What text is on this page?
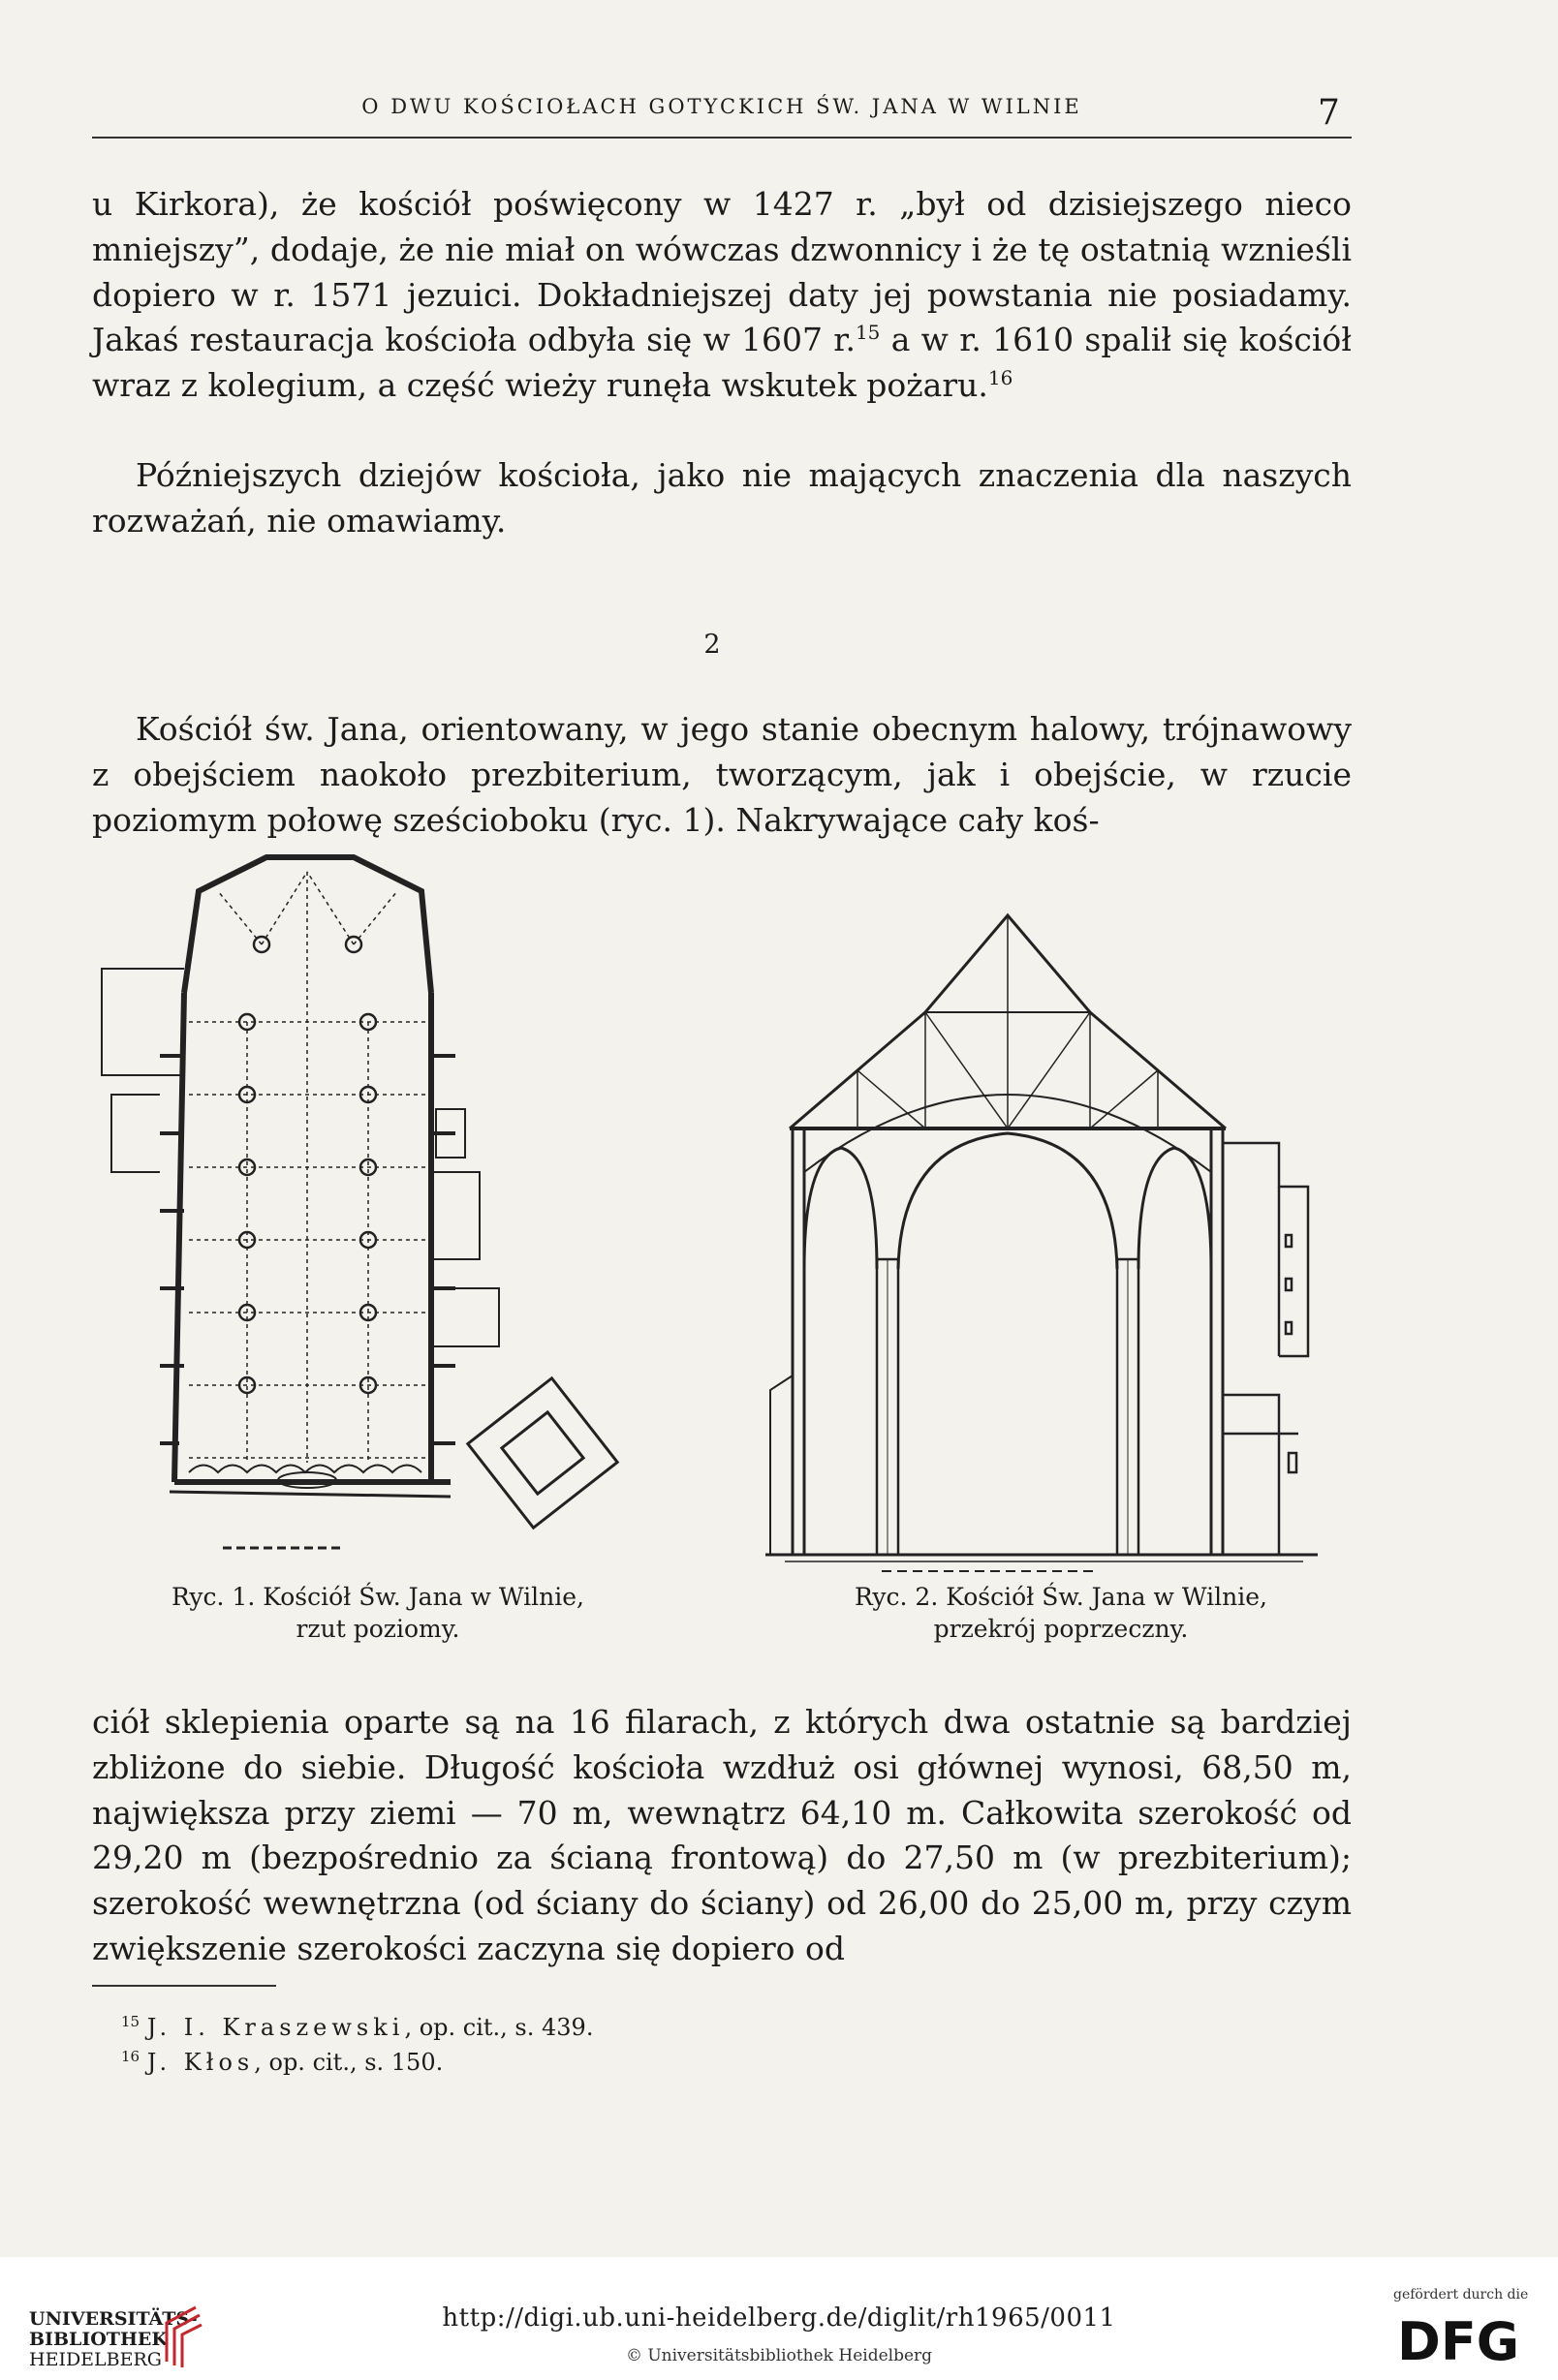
O DWU KOŚCIOŁACH GOTYCKICH ŚW. JANA W WILNIE	7

u Kirkora), że kościół poświęcony w 1427 r. „był od dzisiejszego nieco mniejszy”, dodaje, że nie miał on wówczas dzwonnicy i że tę ostatnią wznieśli dopiero w r. 1571 jezuici. Dokładniejszej daty jej powstania nie posiadamy. Jakaś restauracja kościoła odbyła się w 1607 r.$^{15}$ a w r. 1610 spalił się kościół wraz z kolegium, a część wieży runęła wskutek pożaru.$^{16}$

Późniejszych dziejów kościoła, jako nie mających znaczenia dla naszych rozważań, nie omawiamy.

2

Kościół św. Jana, orientowany, w jego stanie obecnym halowy, trójnawowy z obejściem naokoło prezbiterium, tworzącym, jak i obejście, w rzucie poziomym połowę sześcioboku (ryc. 1). Nakrywające cały koś-

Ryc. 1. Kościół Św. Jana w Wilnie,
rzut poziomy.
Ryc. 2. Kościół Św. Jana w Wilnie,
przekrój poprzeczny.

ciół sklepienia oparte są na 16 filarach, z których dwa ostatnie są bardziej zbliżone do siebie. Długość kościoła wzdłuż osi głównej wynosi, 68,50 m, największa przy ziemi — 70 m, wewnątrz 64,10 m. Całkowita szerokość od 29,20 m (bezpośrednio za ścianą frontową) do 27,50 m (w prezbiterium); szerokość wewnętrzna (od ściany do ściany) od 26,00 do 25,00 m, przy czym zwiększenie szerokości zaczyna się dopiero od

$^{15}$ J. I. Kraszewski, op. cit., s. 439.
$^{16}$ J. Kłos, op. cit., s. 150.
UNIVERSITÄTS-
BIBLIOTHEK
HEIDELBERG
http://digi.ub.uni-heidelberg.de/diglit/rh1965/0011
© Universitätsbibliothek Heidelberg
gefördert durch die
DFG
